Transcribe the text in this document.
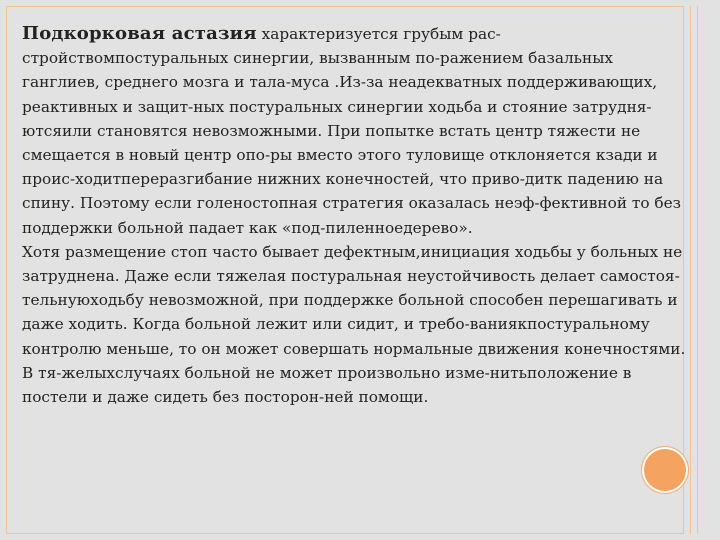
Подкорковая астазия характеризуется грубым рас-стройствомпостуральных синергии, вызванным по-ражением базальных ганглиев, среднего мозга и тала-муса .Из-за неадекватных поддерживающих, реактивных и защит-ных постуральных синергии ходьба и стояние затрудня-ютсяили становятся невозможными. При попытке встать центр тяжести не смещается в новый центр опо-ры вместо этого туловище отклоняется кзади и проис-ходитпереразгибание нижних конечностей, что приво-дитк падению на спину. Поэтому если голеностопная стратегия оказалась неэф-фективной то без поддержки больной падает как «под-пиленноедерево».

Хотя размещение стоп часто бывает дефектным,инициация ходьбы у больных не затруднена. Даже если тяжелая постуральная неустойчивость делает самостоя-тельнуюходьбу невозможной, при поддержке больной способен перешагивать и даже ходить. Когда больной лежит или сидит, и требо-ваниякпостуральному контролю меньше, то он может совершать нормальные движения конечностями. В тя-желыхслучаях больной не может произвольно изме-нитьположение в постели и даже сидеть без посторон-ней помощи.
